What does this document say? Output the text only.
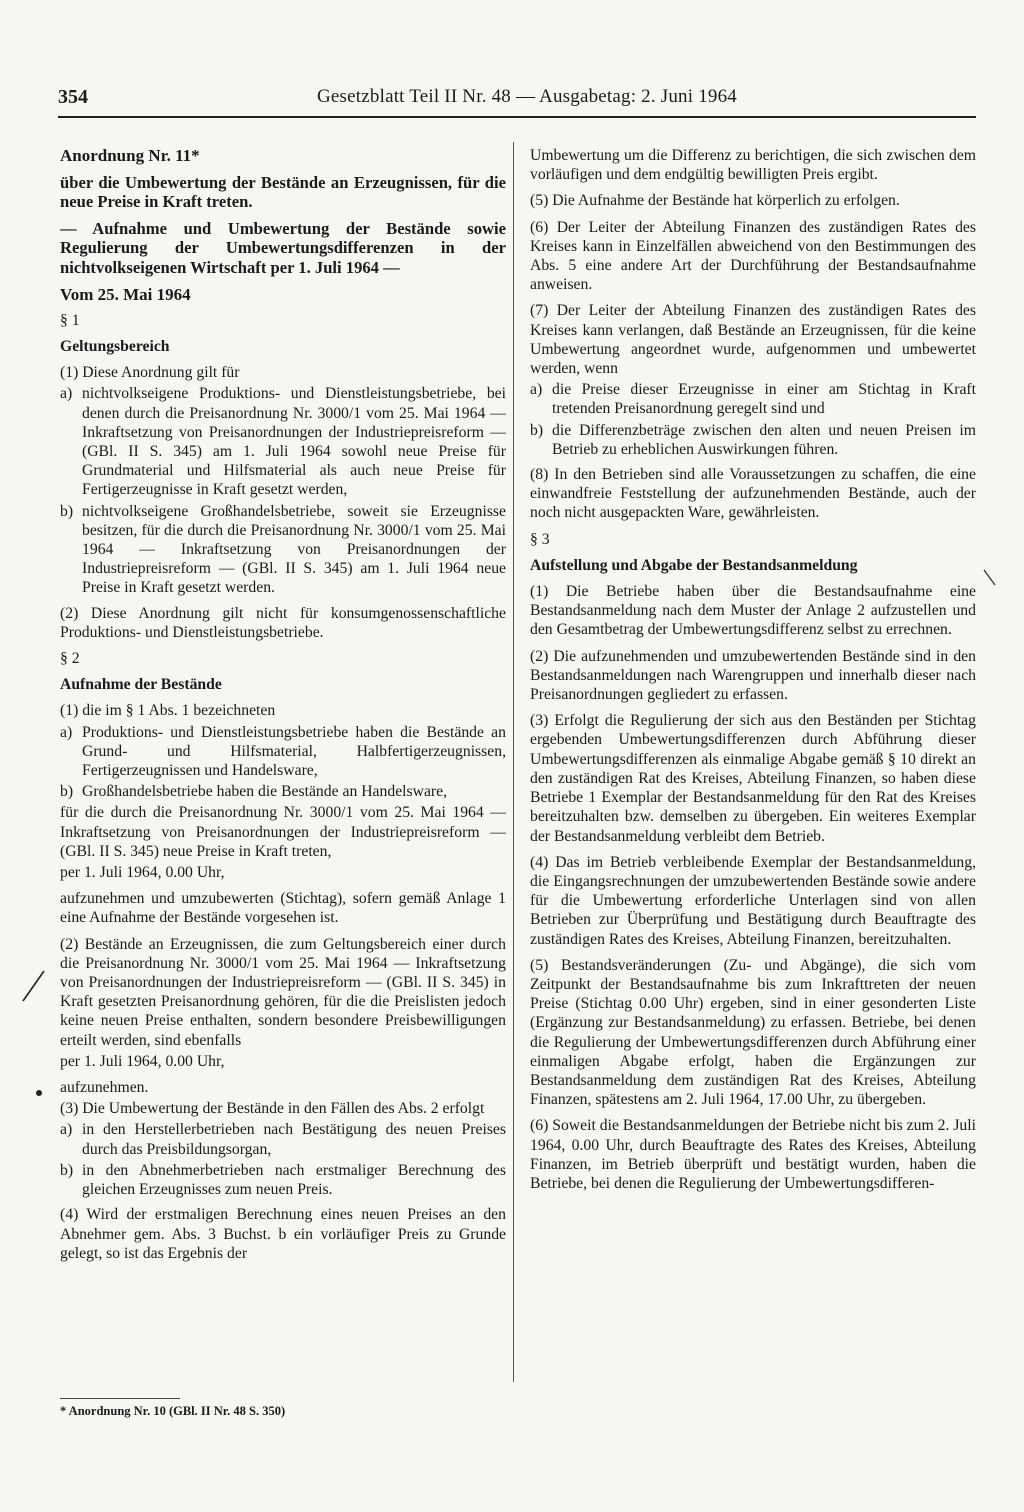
354	Gesetzblatt Teil II Nr. 48 — Ausgabetag: 2. Juni 1964

Anordnung Nr. 11*

über die Umbewertung der Bestände an Erzeugnissen, für die neue Preise in Kraft treten.

— Aufnahme und Umbewertung der Bestände sowie Regulierung der Umbewertungsdifferenzen in der nichtvolkseigenen Wirtschaft per 1. Juli 1964 —

Vom 25. Mai 1964

§ 1

Geltungsbereich

(1) Diese Anordnung gilt für

a) nichtvolkseigene Produktions- und Dienstleistungsbetriebe, bei denen durch die Preisanordnung Nr. 3000/1 vom 25. Mai 1964 — Inkraftsetzung von Preisanordnungen der Industriepreisreform — (GBl. II S. 345) am 1. Juli 1964 sowohl neue Preise für Grundmaterial und Hilfsmaterial als auch neue Preise für Fertigerzeugnisse in Kraft gesetzt werden,
b) nichtvolkseigene Großhandelsbetriebe, soweit sie Erzeugnisse besitzen, für die durch die Preisanordnung Nr. 3000/1 vom 25. Mai 1964 — Inkraftsetzung von Preisanordnungen der Industriepreisreform — (GBl. II S. 345) am 1. Juli 1964 neue Preise in Kraft gesetzt werden.

(2) Diese Anordnung gilt nicht für konsumgenossenschaftliche Produktions- und Dienstleistungsbetriebe.

§ 2

Aufnahme der Bestände

(1) die im § 1 Abs. 1 bezeichneten

a) Produktions- und Dienstleistungsbetriebe haben die Bestände an Grund- und Hilfsmaterial, Halbfertigerzeugnissen, Fertigerzeugnissen und Handelsware,
b) Großhandelsbetriebe haben die Bestände an Handelsware,

für die durch die Preisanordnung Nr. 3000/1 vom 25. Mai 1964 — Inkraftsetzung von Preisanordnungen der Industriepreisreform — (GBl. II S. 345) neue Preise in Kraft treten,

per 1. Juli 1964, 0.00 Uhr,

aufzunehmen und umzubewerten (Stichtag), sofern gemäß Anlage 1 eine Aufnahme der Bestände vorgesehen ist.

(2) Bestände an Erzeugnissen, die zum Geltungsbereich einer durch die Preisanordnung Nr. 3000/1 vom 25. Mai 1964 — Inkraftsetzung von Preisanordnungen der Industriepreisreform — (GBl. II S. 345) in Kraft gesetzten Preisanordnung gehören, für die die Preislisten jedoch keine neuen Preise enthalten, sondern besondere Preisbewilligungen erteilt werden, sind ebenfalls

per 1. Juli 1964, 0.00 Uhr,

aufzunehmen.

(3) Die Umbewertung der Bestände in den Fällen des Abs. 2 erfolgt

a) in den Herstellerbetrieben nach Bestätigung des neuen Preises durch das Preisbildungsorgan,
b) in den Abnehmerbetrieben nach erstmaliger Berechnung des gleichen Erzeugnisses zum neuen Preis.

(4) Wird der erstmaligen Berechnung eines neuen Preises an den Abnehmer gem. Abs. 3 Buchst. b ein vorläufiger Preis zu Grunde gelegt, so ist das Ergebnis der

Umbewertung um die Differenz zu berichtigen, die sich zwischen dem vorläufigen und dem endgültig bewilligten Preis ergibt.

(5) Die Aufnahme der Bestände hat körperlich zu erfolgen.

(6) Der Leiter der Abteilung Finanzen des zuständigen Rates des Kreises kann in Einzelfällen abweichend von den Bestimmungen des Abs. 5 eine andere Art der Durchführung der Bestandsaufnahme anweisen.

(7) Der Leiter der Abteilung Finanzen des zuständigen Rates des Kreises kann verlangen, daß Bestände an Erzeugnissen, für die keine Umbewertung angeordnet wurde, aufgenommen und umbewertet werden, wenn

a) die Preise dieser Erzeugnisse in einer am Stichtag in Kraft tretenden Preisanordnung geregelt sind und
b) die Differenzbeträge zwischen den alten und neuen Preisen im Betrieb zu erheblichen Auswirkungen führen.

(8) In den Betrieben sind alle Voraussetzungen zu schaffen, die eine einwandfreie Feststellung der aufzunehmenden Bestände, auch der noch nicht ausgepackten Ware, gewährleisten.

§ 3

Aufstellung und Abgabe der Bestandsanmeldung

(1) Die Betriebe haben über die Bestandsaufnahme eine Bestandsanmeldung nach dem Muster der Anlage 2 aufzustellen und den Gesamtbetrag der Umbewertungsdifferenz selbst zu errechnen.

(2) Die aufzunehmenden und umzubewertenden Bestände sind in den Bestandsanmeldungen nach Warengruppen und innerhalb dieser nach Preisanordnungen gegliedert zu erfassen.

(3) Erfolgt die Regulierung der sich aus den Beständen per Stichtag ergebenden Umbewertungsdifferenzen durch Abführung dieser Umbewertungsdifferenzen als einmalige Abgabe gemäß § 10 direkt an den zuständigen Rat des Kreises, Abteilung Finanzen, so haben diese Betriebe 1 Exemplar der Bestandsanmeldung für den Rat des Kreises bereitzuhalten bzw. demselben zu übergeben. Ein weiteres Exemplar der Bestandsanmeldung verbleibt dem Betrieb.

(4) Das im Betrieb verbleibende Exemplar der Bestandsanmeldung, die Eingangsrechnungen der umzubewertenden Bestände sowie andere für die Umbewertung erforderliche Unterlagen sind von allen Betrieben zur Überprüfung und Bestätigung durch Beauftragte des zuständigen Rates des Kreises, Abteilung Finanzen, bereitzuhalten.

(5) Bestandsveränderungen (Zu- und Abgänge), die sich vom Zeitpunkt der Bestandsaufnahme bis zum Inkrafttreten der neuen Preise (Stichtag 0.00 Uhr) ergeben, sind in einer gesonderten Liste (Ergänzung zur Bestandsanmeldung) zu erfassen. Betriebe, bei denen die Regulierung der Umbewertungsdifferenzen durch Abführung einer einmaligen Abgabe erfolgt, haben die Ergänzungen zur Bestandsanmeldung dem zuständigen Rat des Kreises, Abteilung Finanzen, spätestens am 2. Juli 1964, 17.00 Uhr, zu übergeben.

(6) Soweit die Bestandsanmeldungen der Betriebe nicht bis zum 2. Juli 1964, 0.00 Uhr, durch Beauftragte des Rates des Kreises, Abteilung Finanzen, im Betrieb überprüft und bestätigt wurden, haben die Betriebe, bei denen die Regulierung der Umbewertungsdifferen-

* Anordnung Nr. 10 (GBl. II Nr. 48 S. 350)
